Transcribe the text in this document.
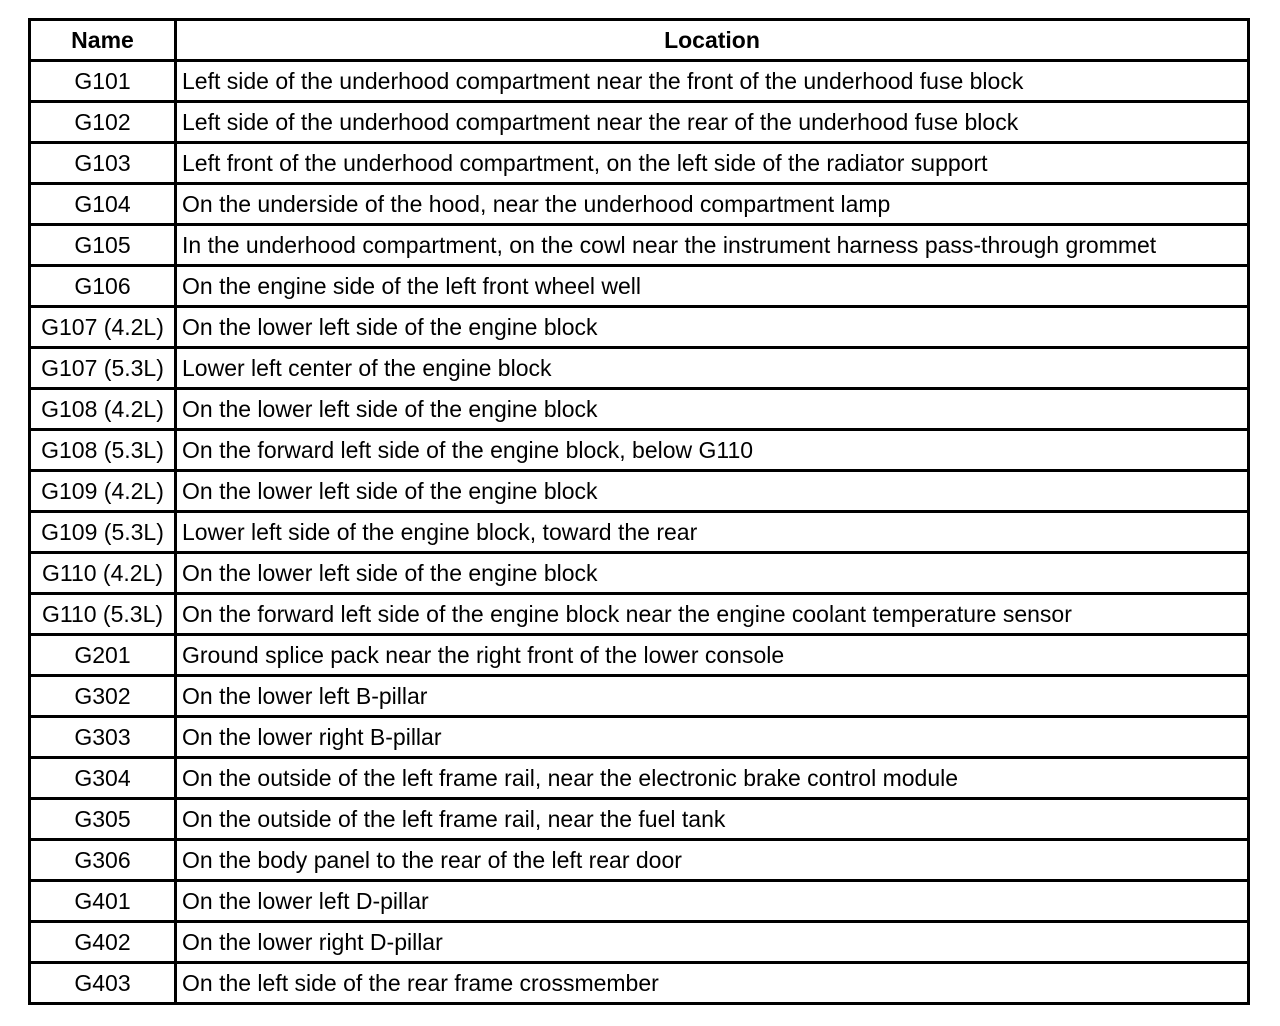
Name	Location
G101	Left side of the underhood compartment near the front of the underhood fuse block
G102	Left side of the underhood compartment near the rear of the underhood fuse block
G103	Left front of the underhood compartment, on the left side of the radiator support
G104	On the underside of the hood, near the underhood compartment lamp
G105	In the underhood compartment, on the cowl near the instrument harness pass-through grommet
G106	On the engine side of the left front wheel well
G107 (4.2L)	On the lower left side of the engine block
G107 (5.3L)	Lower left center of the engine block
G108 (4.2L)	On the lower left side of the engine block
G108 (5.3L)	On the forward left side of the engine block, below G110
G109 (4.2L)	On the lower left side of the engine block
G109 (5.3L)	Lower left side of the engine block, toward the rear
G110 (4.2L)	On the lower left side of the engine block
G110 (5.3L)	On the forward left side of the engine block near the engine coolant temperature sensor
G201	Ground splice pack near the right front of the lower console
G302	On the lower left B-pillar
G303	On the lower right B-pillar
G304	On the outside of the left frame rail, near the electronic brake control module
G305	On the outside of the left frame rail, near the fuel tank
G306	On the body panel to the rear of the left rear door
G401	On the lower left D-pillar
G402	On the lower right D-pillar
G403	On the left side of the rear frame crossmember
